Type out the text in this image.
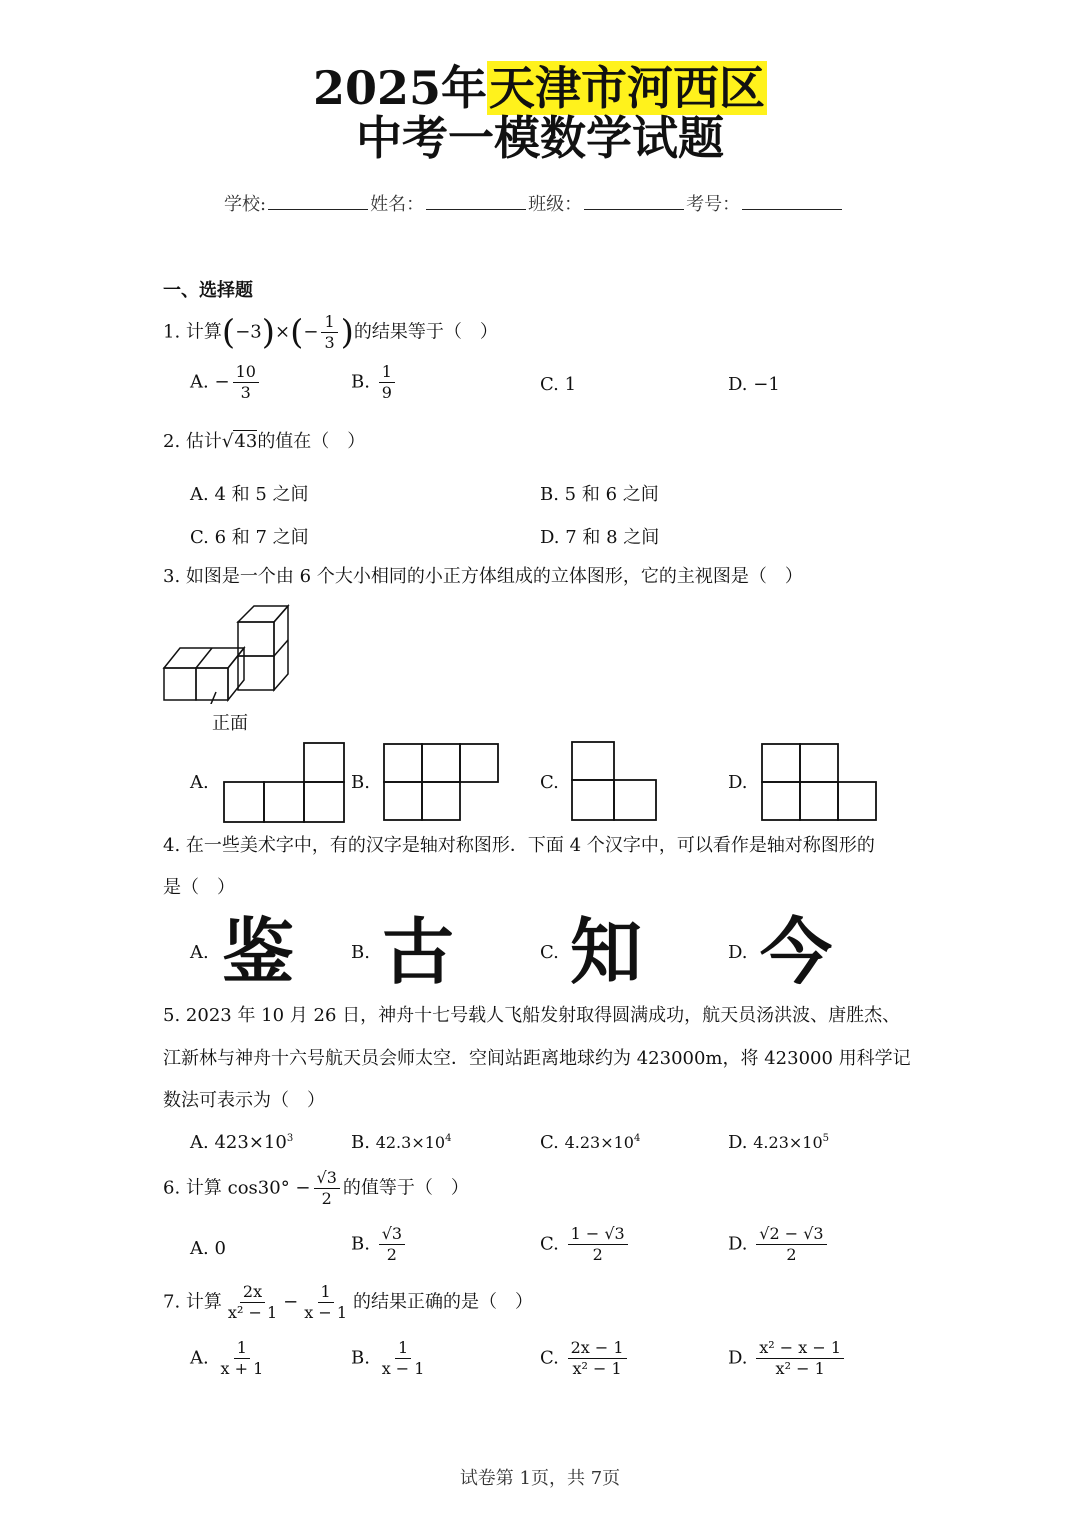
2025年天津市河西区
中考一模数学试题
学校:	姓名：	班级：	考号：
一、选择题
1. 计算$(-3)\times(- \frac{1}{3}$ )的结果等于（　）
A. − $\frac{10}{3}$	B. $\frac{1}{9}$	C. 1	D. −1
2. 估计√43的值在（　）
A. 4 和 5 之间	B. 5 和 6 之间
C. 6 和 7 之间	D. 7 和 8 之间
3. 如图是一个由 6 个大小相同的小正方体组成的立体图形，它的主视图是（　）
正面
A.	B.	C.	D.
4. 在一些美术字中，有的汉字是轴对称图形．下面 4 个汉字中，可以看作是轴对称图形的
是（　）
A. 鉴	B. 古	C. 知	D. 今
5. 2023 年 10 月 26 日，神舟十七号载人飞船发射取得圆满成功，航天员汤洪波、唐胜杰、
江新林与神舟十六号航天员会师太空．空间站距离地球约为 423000m，将 423000 用科学记
数法可表示为（　）
A. $423\times 10^3$	B. $42.3\times 10^4$	C. $4.23\times 10^4$	D. $4.23\times 10^5$
6. 计算 $\cos 30^\circ - \frac{√3}{2}$ 的值等于（　）
A. 0	B. $\frac{√3}{2}$	C. $\frac{1 - √3}{2}$	D. $\frac{√2 - √3}{2}$
7. 计算 $\frac{2x}{\text{x² − 1}} - \frac{1}{x - 1}$ 的结果正确的是（　）
A. $\frac{1}{x + 1}$	B. $\frac{1}{x - 1}$	C. $\frac{2x - 1}{\text{x² − 1}}$	D. $\frac{\text{x² − x − 1}}{\text{x² − 1}}$
试卷第 1页，共 7页
